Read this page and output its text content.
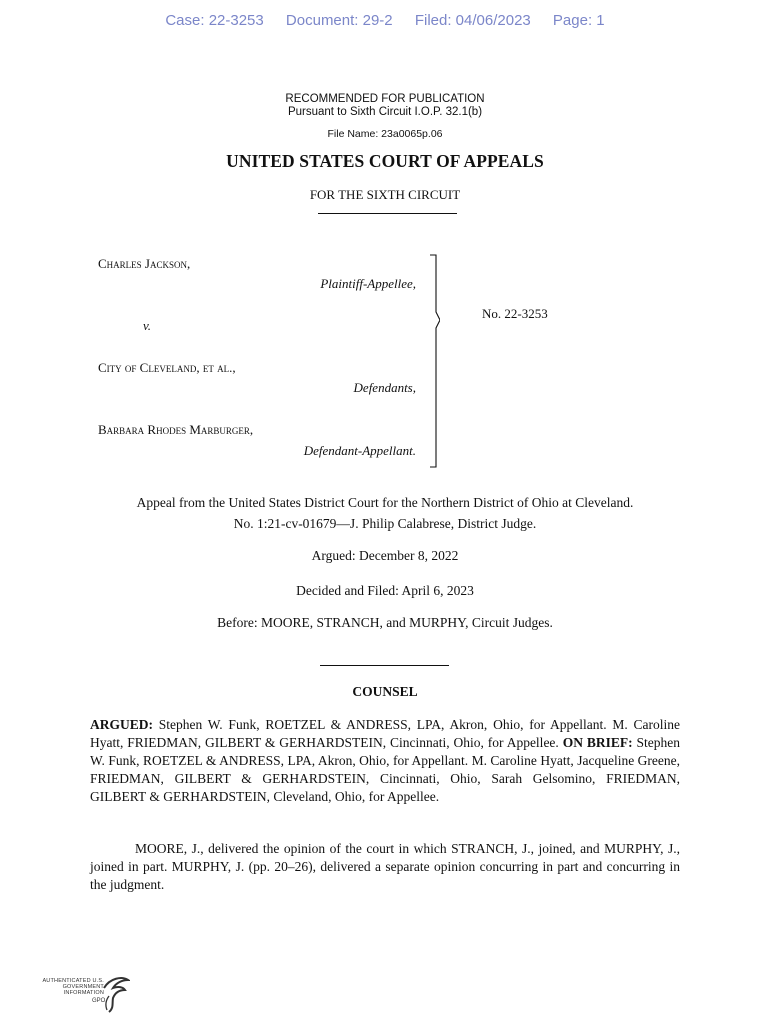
Case: 22-3253 Document: 29-2 Filed: 04/06/2023 Page: 1
RECOMMENDED FOR PUBLICATION
Pursuant to Sixth Circuit I.O.P. 32.1(b)
File Name: 23a0065p.06
UNITED STATES COURT OF APPEALS
FOR THE SIXTH CIRCUIT
Charles Jackson,
Plaintiff-Appellee,
v.
City of Cleveland, et al.,
Defendants,
Barbara Rhodes Marburger,
Defendant-Appellant.
No. 22-3253
Appeal from the United States District Court for the Northern District of Ohio at Cleveland.
No. 1:21-cv-01679—J. Philip Calabrese, District Judge.
Argued: December 8, 2022
Decided and Filed: April 6, 2023
Before: MOORE, STRANCH, and MURPHY, Circuit Judges.
COUNSEL
ARGUED: Stephen W. Funk, ROETZEL & ANDRESS, LPA, Akron, Ohio, for Appellant. M. Caroline Hyatt, FRIEDMAN, GILBERT & GERHARDSTEIN, Cincinnati, Ohio, for Appellee. ON BRIEF: Stephen W. Funk, ROETZEL & ANDRESS, LPA, Akron, Ohio, for Appellant. M. Caroline Hyatt, Jacqueline Greene, FRIEDMAN, GILBERT & GERHARDSTEIN, Cincinnati, Ohio, Sarah Gelsomino, FRIEDMAN, GILBERT & GERHARDSTEIN, Cleveland, Ohio, for Appellee.
MOORE, J., delivered the opinion of the court in which STRANCH, J., joined, and MURPHY, J., joined in part. MURPHY, J. (pp. 20–26), delivered a separate opinion concurring in part and concurring in the judgment.
AUTHENTICATED U.S. GOVERNMENT INFORMATION
GPO
